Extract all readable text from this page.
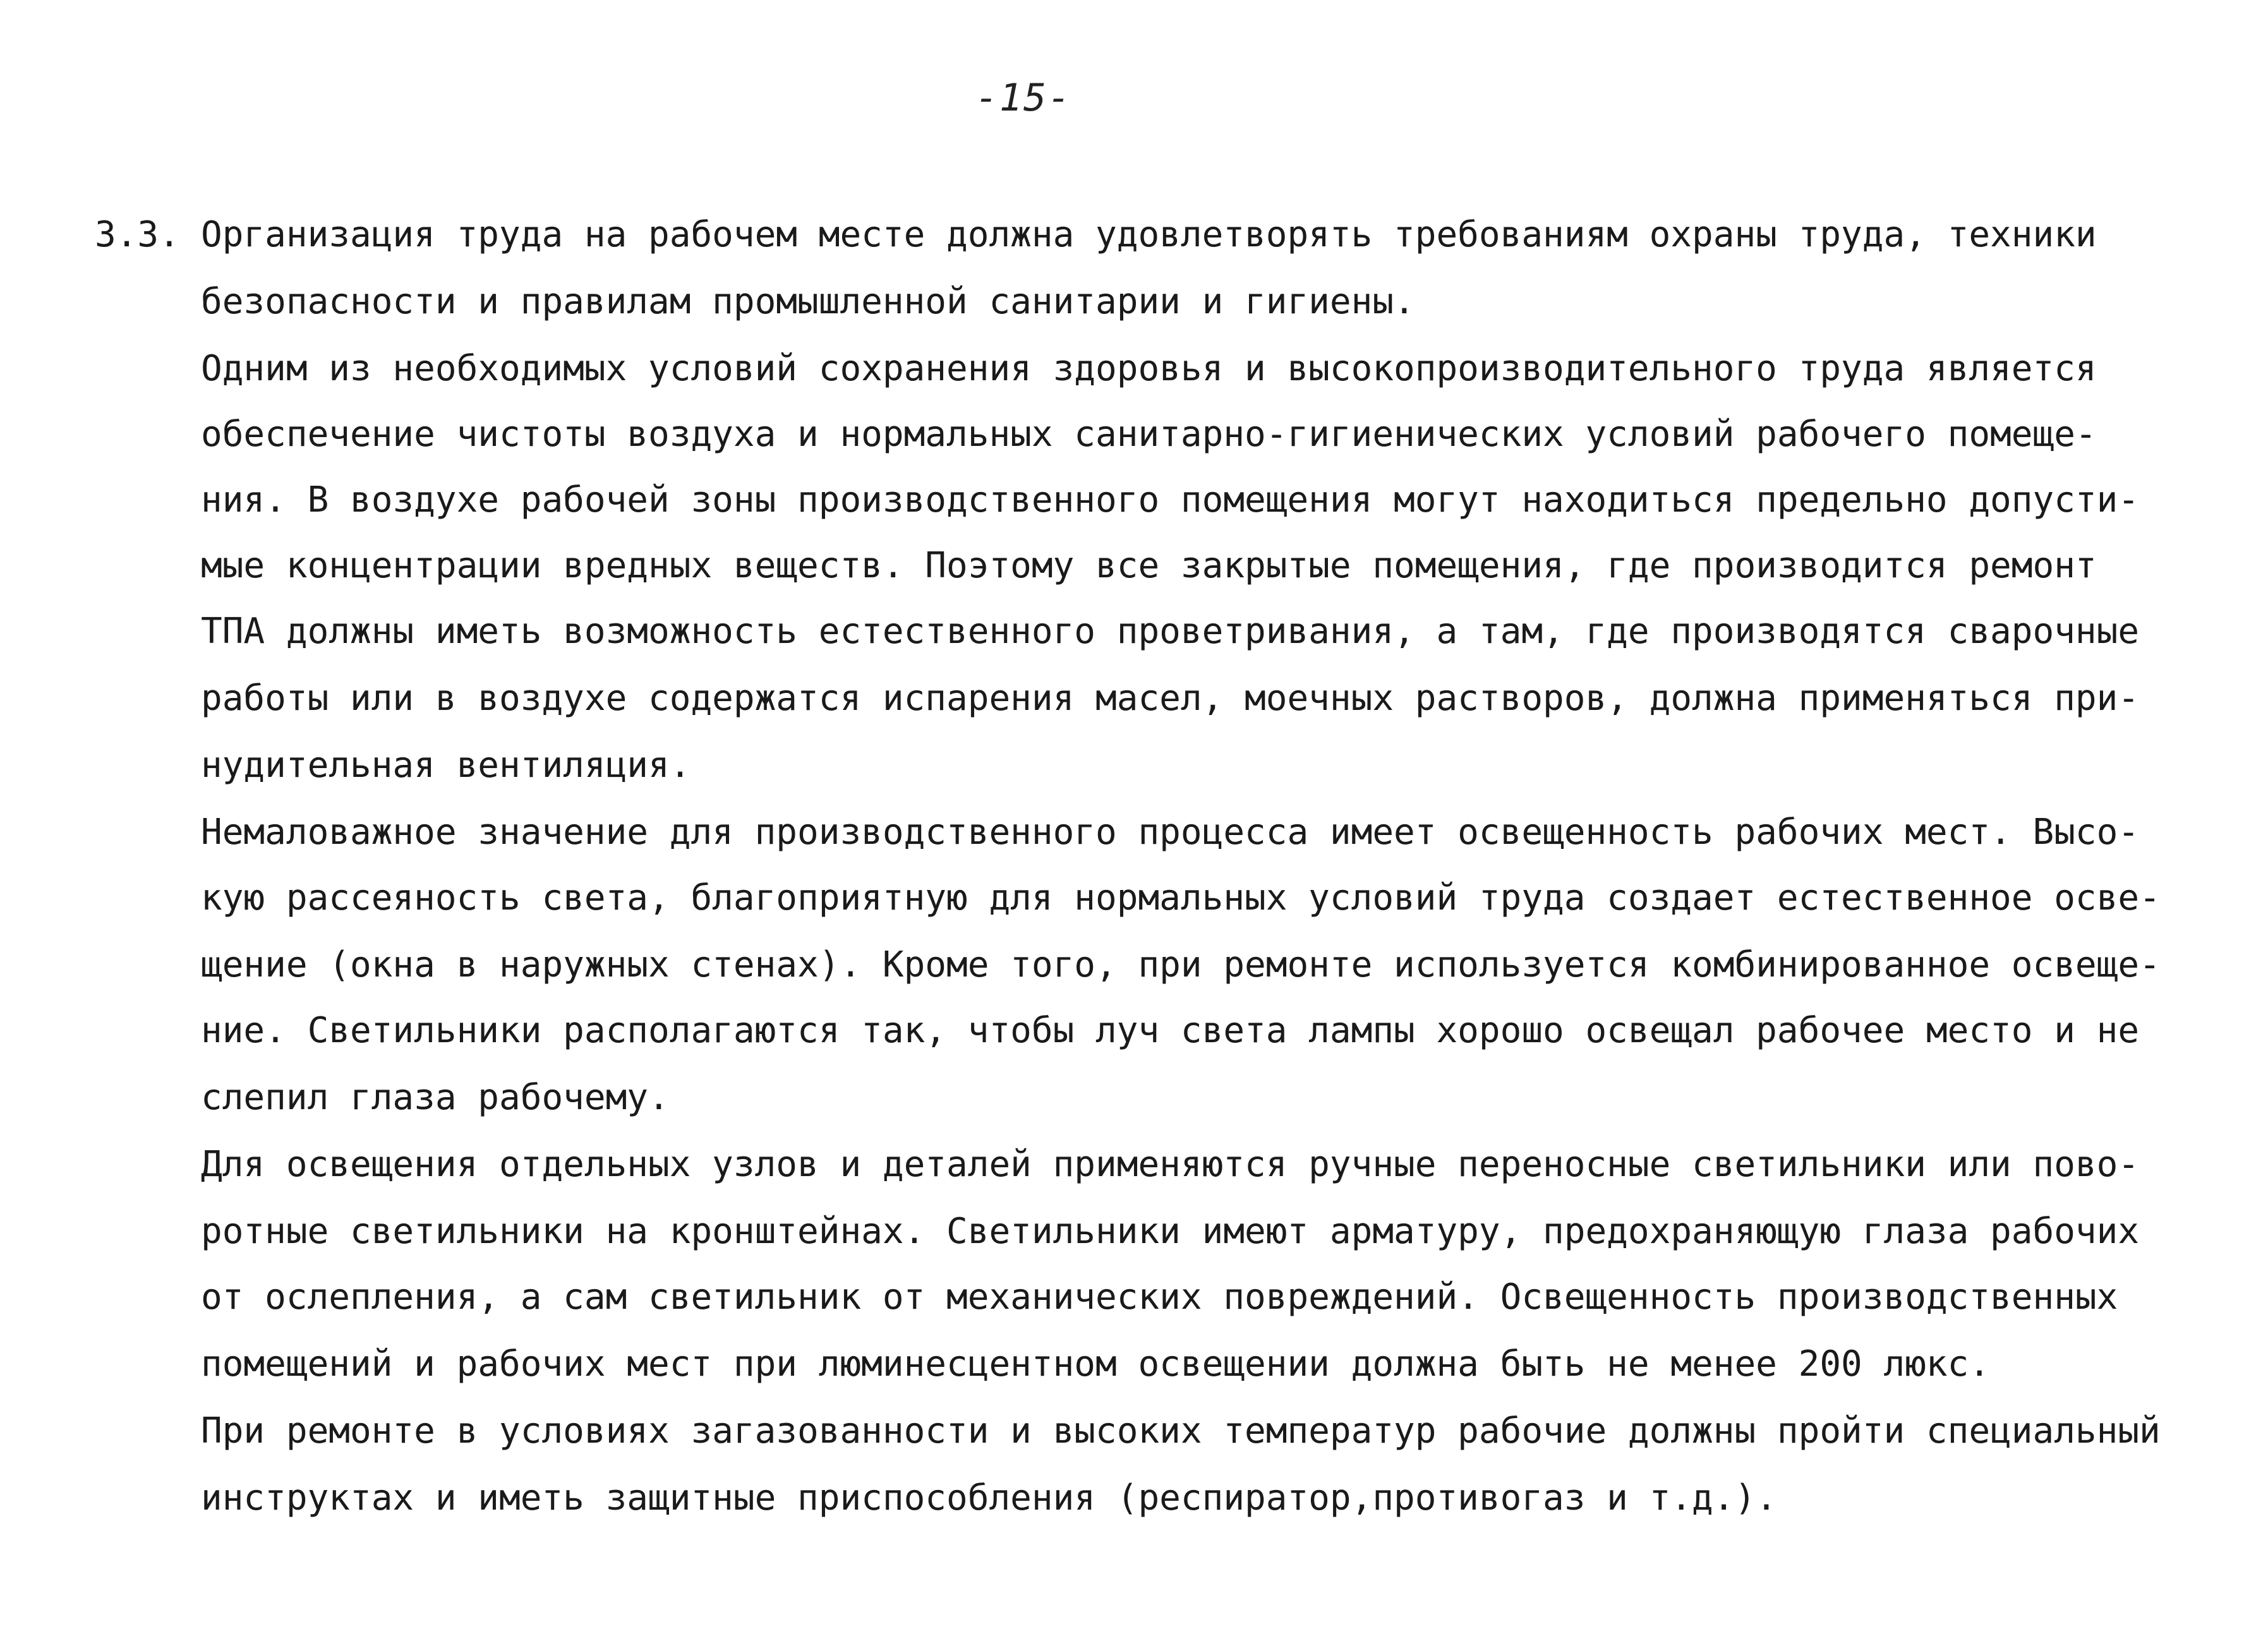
-15-
3.3. Организация труда на рабочем месте должна удовлетворять требованиям охраны труда, техники
безопасности и правилам промышленной санитарии и гигиены.
Одним из необходимых условий сохранения здоровья и высокопроизводительного труда является
обеспечение чистоты воздуха и нормальных санитарно-гигиенических условий рабочего помеще-
ния. В воздухе рабочей зоны производственного помещения могут находиться предельно допусти-
мые концентрации вредных веществ. Поэтому все закрытые помещения, где производится ремонт
ТПА должны иметь возможность естественного проветривания, а там, где производятся сварочные
работы или в воздухе содержатся испарения масел, моечных растворов, должна применяться при-
нудительная вентиляция.
Немаловажное значение для производственного процесса имеет освещенность рабочих мест. Высо-
кую рассеяность света, благоприятную для нормальных условий труда создает естественное осве-
щение (окна в наружных стенах). Кроме того, при ремонте используется комбинированное освеще-
ние. Светильники располагаются так, чтобы луч света лампы хорошо освещал рабочее место и не
слепил глаза рабочему.
Для освещения отдельных узлов и деталей применяются ручные переносные светильники или пово-
ротные светильники на кронштейнах. Светильники имеют арматуру, предохраняющую глаза рабочих
от ослепления, а сам светильник от механических повреждений. Освещенность производственных
помещений и рабочих мест при люминесцентном освещении должна быть не менее 200 люкс.
При ремонте в условиях загазованности и высоких температур рабочие должны пройти специальный
инструктах и иметь защитные приспособления (респиратор,противогаз и т.д.).
